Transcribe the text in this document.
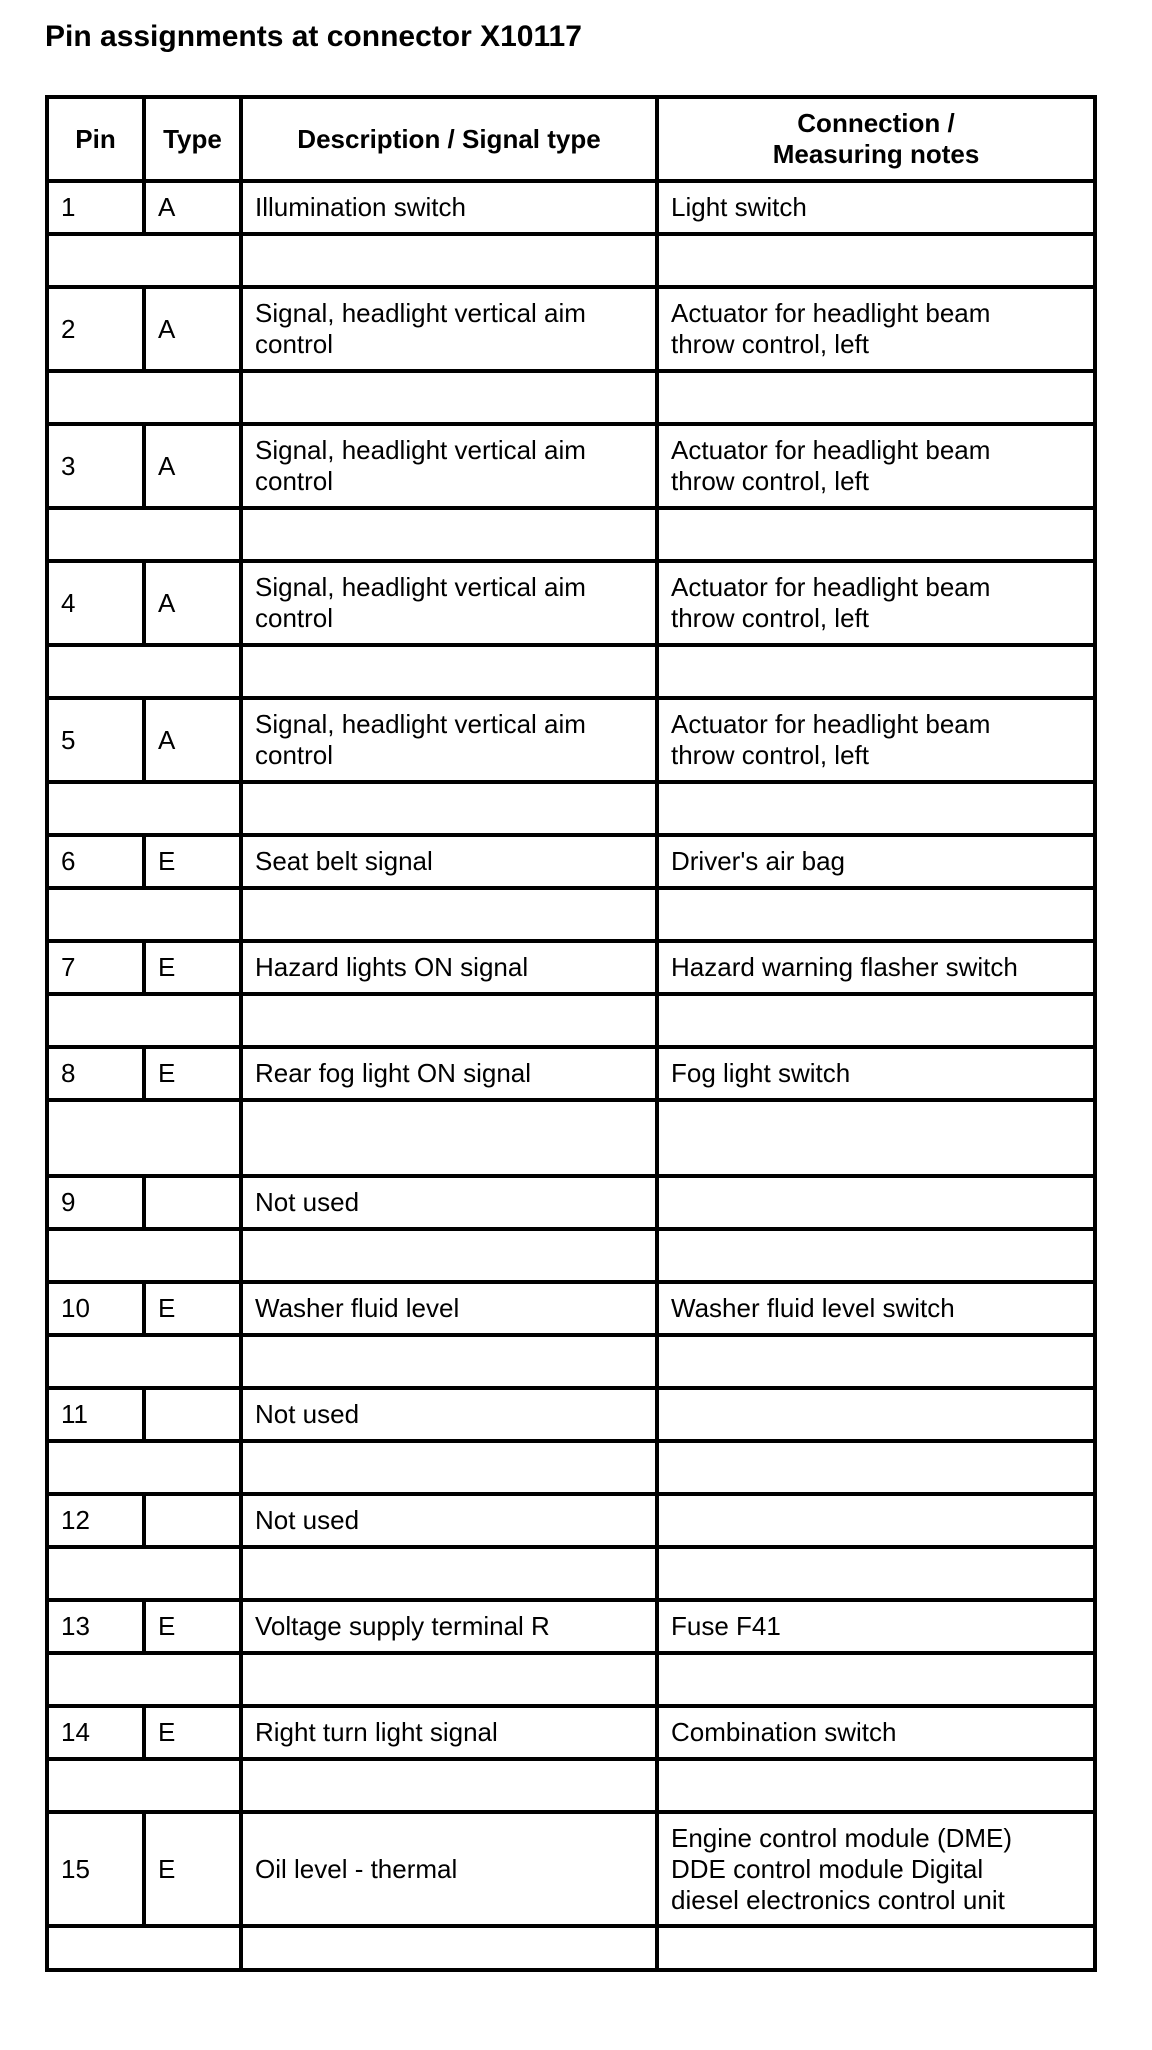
Pin assignments at connector X10117
Pin	Type	Description / Signal type	Connection /
Measuring notes
1	A	Illumination switch	Light switch

2	A	Signal, headlight vertical aim
control	Actuator for headlight beam
throw control, left

3	A	Signal, headlight vertical aim
control	Actuator for headlight beam
throw control, left

4	A	Signal, headlight vertical aim
control	Actuator for headlight beam
throw control, left

5	A	Signal, headlight vertical aim
control	Actuator for headlight beam
throw control, left

6	E	Seat belt signal	Driver's air bag

7	E	Hazard lights ON signal	Hazard warning flasher switch

8	E	Rear fog light ON signal	Fog light switch

9		Not used	

10	E	Washer fluid level	Washer fluid level switch

11		Not used	

12		Not used	

13	E	Voltage supply terminal R	Fuse F41

14	E	Right turn light signal	Combination switch

15	E	Oil level - thermal	Engine control module (DME)
DDE control module Digital
diesel electronics control unit
